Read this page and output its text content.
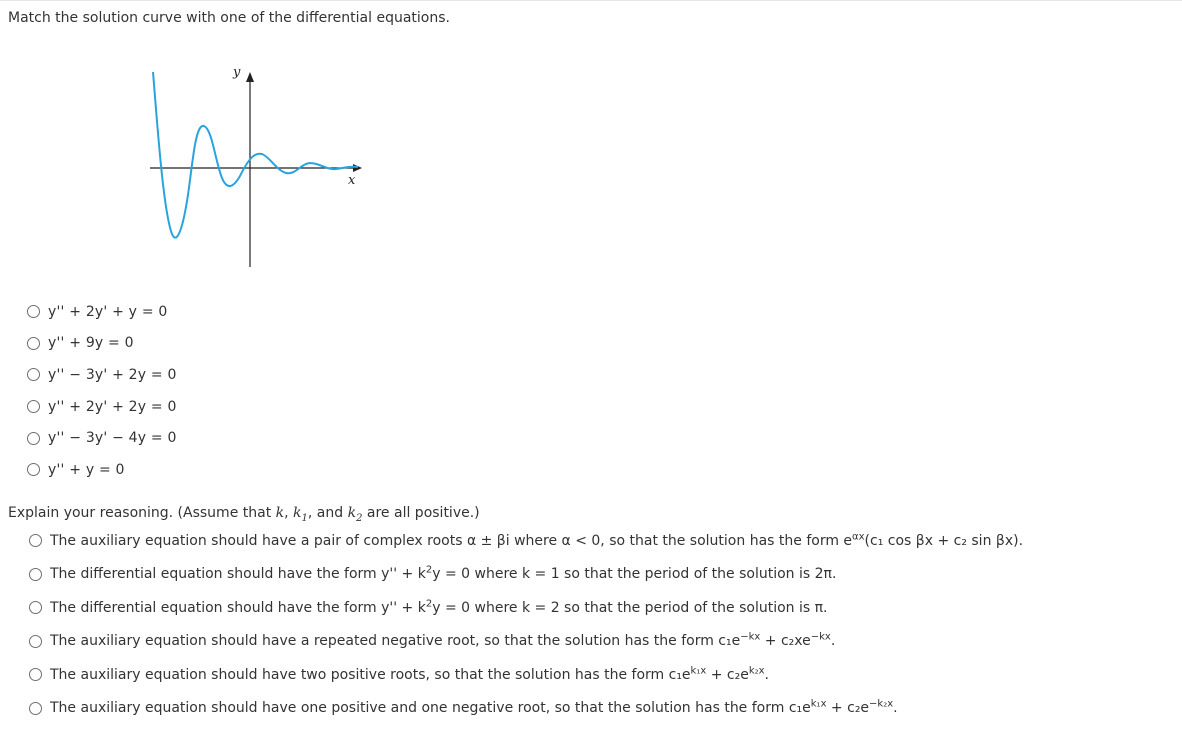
Match the solution curve with one of the differential equations.
x
y
y'' + 2y' + y = 0
y'' + 9y = 0
y'' − 3y' + 2y = 0
y'' + 2y' + 2y = 0
y'' − 3y' − 4y = 0
y'' + y = 0
Explain your reasoning. (Assume that k, $k_1$, and $k_2$ are all positive.)
The auxiliary equation should have a pair of complex roots α ± βi where α < 0, so that the solution has the form $e^{\alpha x}(c_1$ cos βx + c₂ sin βx).
The differential equation should have the form $y'' + k^2y = 0$ where k = 1 so that the period of the solution is 2π.
The differential equation should have the form $y'' + k^2y = 0$ where k = 2 so that the period of the solution is π.
The auxiliary equation should have a repeated negative root, so that the solution has the form $c_1e^{-kx} + c_2xe^{-kx}$.
The auxiliary equation should have two positive roots, so that the solution has the form $c_1e^{k_1x} + c_2e^{k_2x}$.
The auxiliary equation should have one positive and one negative root, so that the solution has the form $c_1e^{k_1x} + c_2e^{-k_2x}$.
